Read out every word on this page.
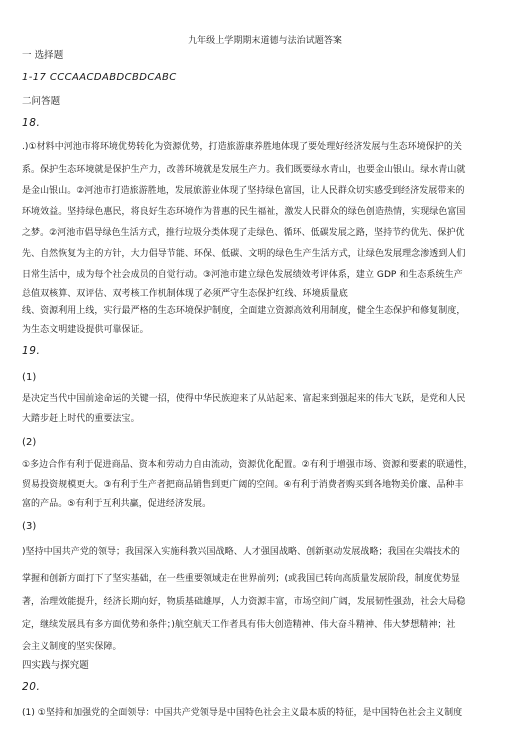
九年级上学期期末道德与法治试题答案
一 选择题
1-17 CCCAACDABDCBDCABC
二问答题
18.
.)①材料中河池市将环境优势转化为资源优势，打造旅游康养胜地体现了要处理好经济发展与生态环境保护的关
系。保护生态环境就是保护生产力，改善环境就是发展生产力。我们既要绿水青山，也要金山银山。绿水青山就
是金山银山。②河池市打造旅游胜地，发展旅游业体现了坚持绿色富国，让人民群众切实感受到经济发展带来的
环境效益。坚持绿色惠民，将良好生态环境作为普惠的民生福祉，激发人民群众的绿色创造热情，实现绿色富国
之梦。②河池市倡导绿色生活方式，推行垃圾分类体现了走绿色、循环、低碳发展之路，坚持节约优先、保护优
先、自然恢复为主的方针，大力倡导节能、环保、低碳、文明的绿色生产生活方式，让绿色发展理念渗透到人们
日常生活中，成为每个社会成员的自觉行动。③河池市建立绿色发展绩效考评体系，建立 GDP 和生态系统生产
总值双核算、双评估、双考核工作机制体现了必须严守生态保护红线、环境质量底
线、资源利用上线，实行最严格的生态环境保护制度，全面建立资源高效利用制度，健全生态保护和修复制度，
为生态文明建设提供可靠保证。
19.
(1)
是决定当代中国前途命运的关键一招，使得中华民族迎来了从站起来、富起来到强起来的伟大飞跃，是党和人民
大踏步赶上时代的重要法宝。
(2)
①多边合作有利于促进商品、资本和劳动力自由流动，资源优化配置。②有利于增强市场、资源和要素的联通性，
贸易投资规模更大。③有利于生产者把商品销售到更广阔的空间。④有利于消费者购买到各地物美价廉、品种丰
富的产品。⑤有利于互利共赢，促进经济发展。
(3)
)坚持中国共产党的领导；我国深入实施科教兴国战略、人才强国战略、创新驱动发展战略；我国在尖端技术的
掌握和创新方面打下了坚实基础，在一些重要领域走在世界前列；(或我国已转向高质量发展阶段，制度优势显
著，治理效能提升，经济长期向好，物质基础雄厚，人力资源丰富，市场空间广阔，发展韧性强劲，社会大局稳
定，继续发展具有多方面优势和条件；)航空航天工作者具有伟大创造精神、伟大奋斗精神、伟大梦想精神；社
会主义制度的坚实保障。
四实践与探究题
20.
(1) ①坚持和加强党的全面领导：中国共产党领导是中国特色社会主义最本质的特征，是中国特色社会主义制度
